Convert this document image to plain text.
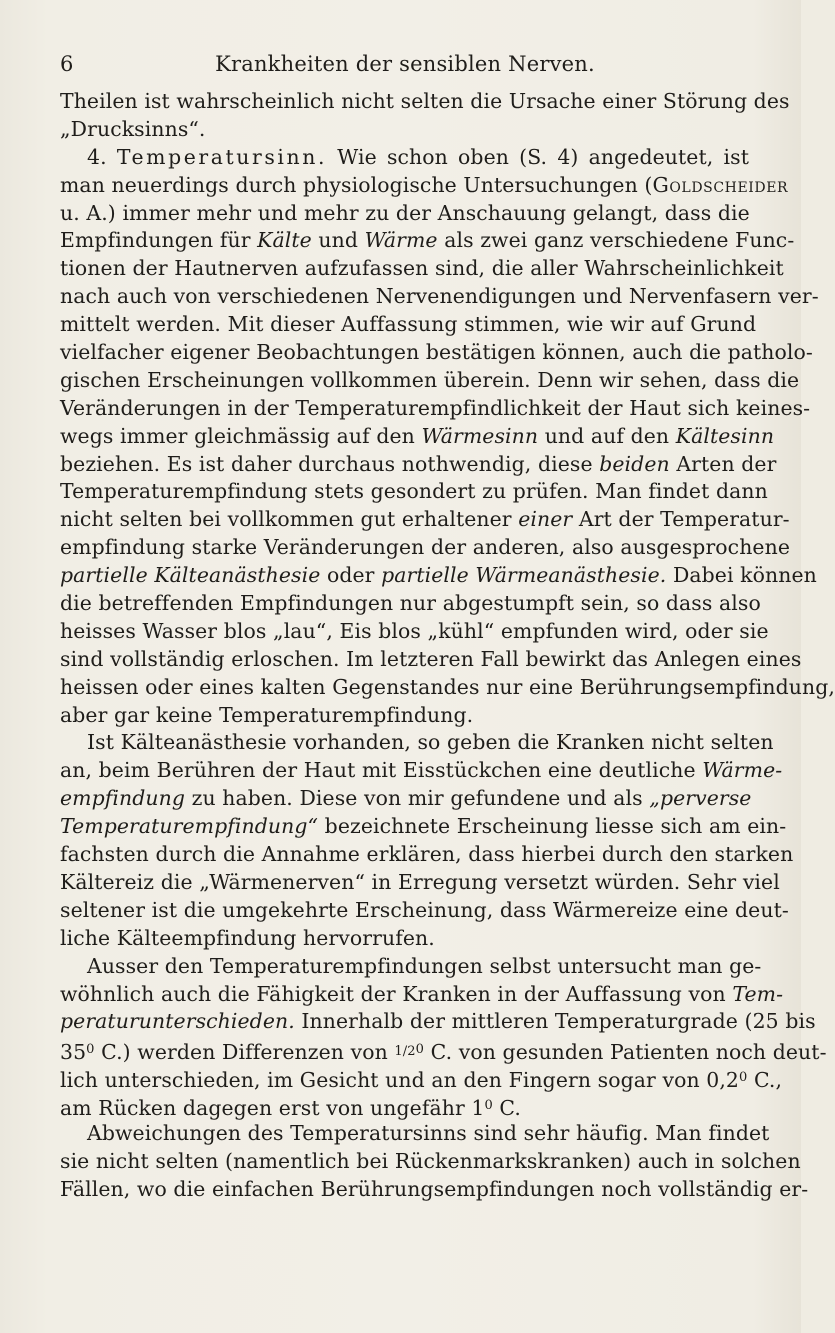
6	Krankheiten der sensiblen Nerven.
Theilen ist wahrscheinlich nicht selten die Ursache einer Störung des
„Drucksinns“.
4. Temperatursinn. Wie schon oben (S. 4) angedeutet, ist
man neuerdings durch physiologische Untersuchungen (Goldscheider
u. A.) immer mehr und mehr zu der Anschauung gelangt, dass die
Empfindungen für Kälte und Wärme als zwei ganz verschiedene Func-
tionen der Hautnerven aufzufassen sind, die aller Wahrscheinlichkeit
nach auch von verschiedenen Nervenendigungen und Nervenfasern ver-
mittelt werden. Mit dieser Auffassung stimmen, wie wir auf Grund
vielfacher eigener Beobachtungen bestätigen können, auch die patholo-
gischen Erscheinungen vollkommen überein. Denn wir sehen, dass die
Veränderungen in der Temperaturempfindlichkeit der Haut sich keines-
wegs immer gleichmässig auf den Wärmesinn und auf den Kältesinn
beziehen. Es ist daher durchaus nothwendig, diese beiden Arten der
Temperaturempfindung stets gesondert zu prüfen. Man findet dann
nicht selten bei vollkommen gut erhaltener einer Art der Temperatur-
empfindung starke Veränderungen der anderen, also ausgesprochene
partielle Kälteanästhesie oder partielle Wärmeanästhesie. Dabei können
die betreffenden Empfindungen nur abgestumpft sein, so dass also
heisses Wasser blos „lau“, Eis blos „kühl“ empfunden wird, oder sie
sind vollständig erloschen. Im letzteren Fall bewirkt das Anlegen eines
heissen oder eines kalten Gegenstandes nur eine Berührungsempfindung,
aber gar keine Temperaturempfindung.
Ist Kälteanästhesie vorhanden, so geben die Kranken nicht selten
an, beim Berühren der Haut mit Eisstückchen eine deutliche Wärme-
empfindung zu haben. Diese von mir gefundene und als „perverse
Temperaturempfindung“ bezeichnete Erscheinung liesse sich am ein-
fachsten durch die Annahme erklären, dass hierbei durch den starken
Kältereiz die „Wärmenerven“ in Erregung versetzt würden. Sehr viel
seltener ist die umgekehrte Erscheinung, dass Wärmereize eine deut-
liche Kälteempfindung hervorrufen.
Ausser den Temperaturempfindungen selbst untersucht man ge-
wöhnlich auch die Fähigkeit der Kranken in der Auffassung von Tem-
peraturunterschieden. Innerhalb der mittleren Temperaturgrade (25 bis
$35^0$ C.) werden Differenzen von $1/2^0$ C. von gesunden Patienten noch deut-
lich unterschieden, im Gesicht und an den Fingern sogar von $0,2^0$ C.,
am Rücken dagegen erst von ungefähr $1^0$ C.
Abweichungen des Temperatursinns sind sehr häufig. Man findet
sie nicht selten (namentlich bei Rückenmarkskranken) auch in solchen
Fällen, wo die einfachen Berührungsempfindungen noch vollständig er-
